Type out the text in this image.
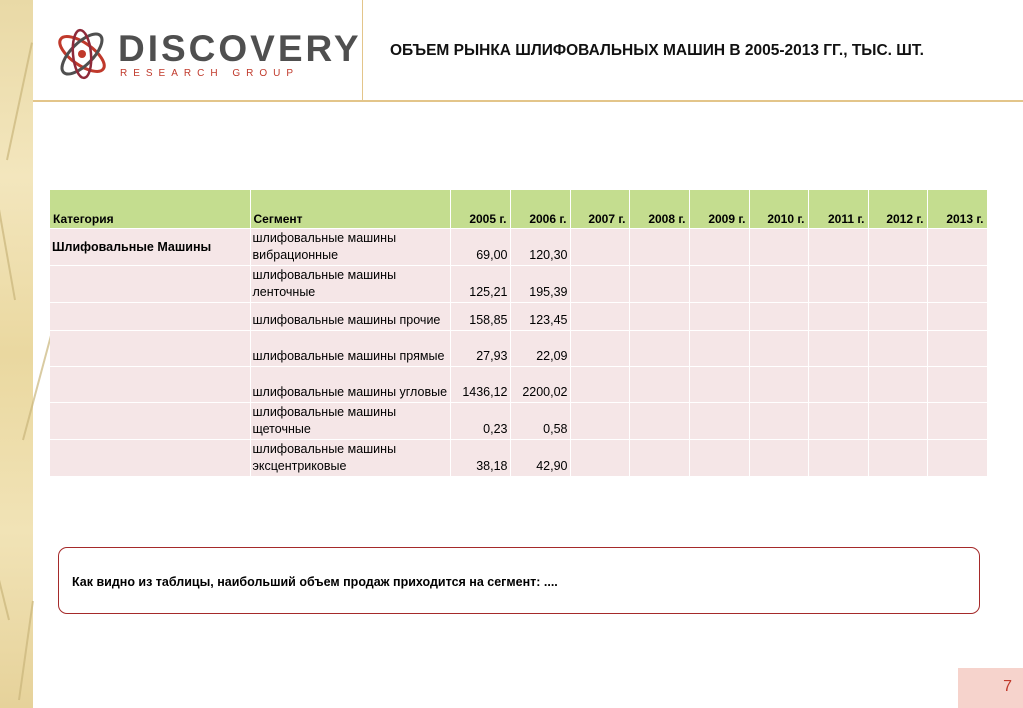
DISCOVERY
RESEARCH GROUP
ОБЪЕМ РЫНКА ШЛИФОВАЛЬНЫХ МАШИН В 2005-2013 ГГ., ТЫС. ШТ.
Категория	Сегмент	2005 г.	2006 г.	2007 г.	2008 г.	2009 г.	2010 г.	2011 г.	2012 г.	2013 г.
Шлифовальные Машины	шлифовальные машины вибрационные	69,00	120,30							
	шлифовальные машины ленточные	125,21	195,39							
	шлифовальные машины прочие	158,85	123,45							
	шлифовальные машины прямые	27,93	22,09							
	шлифовальные машины угловые	1436,12	2200,02							
	шлифовальные машины щеточные	0,23	0,58							
	шлифовальные машины эксцентриковые	38,18	42,90							
Как видно из таблицы, наибольший объем продаж приходится на сегмент: ....
7
